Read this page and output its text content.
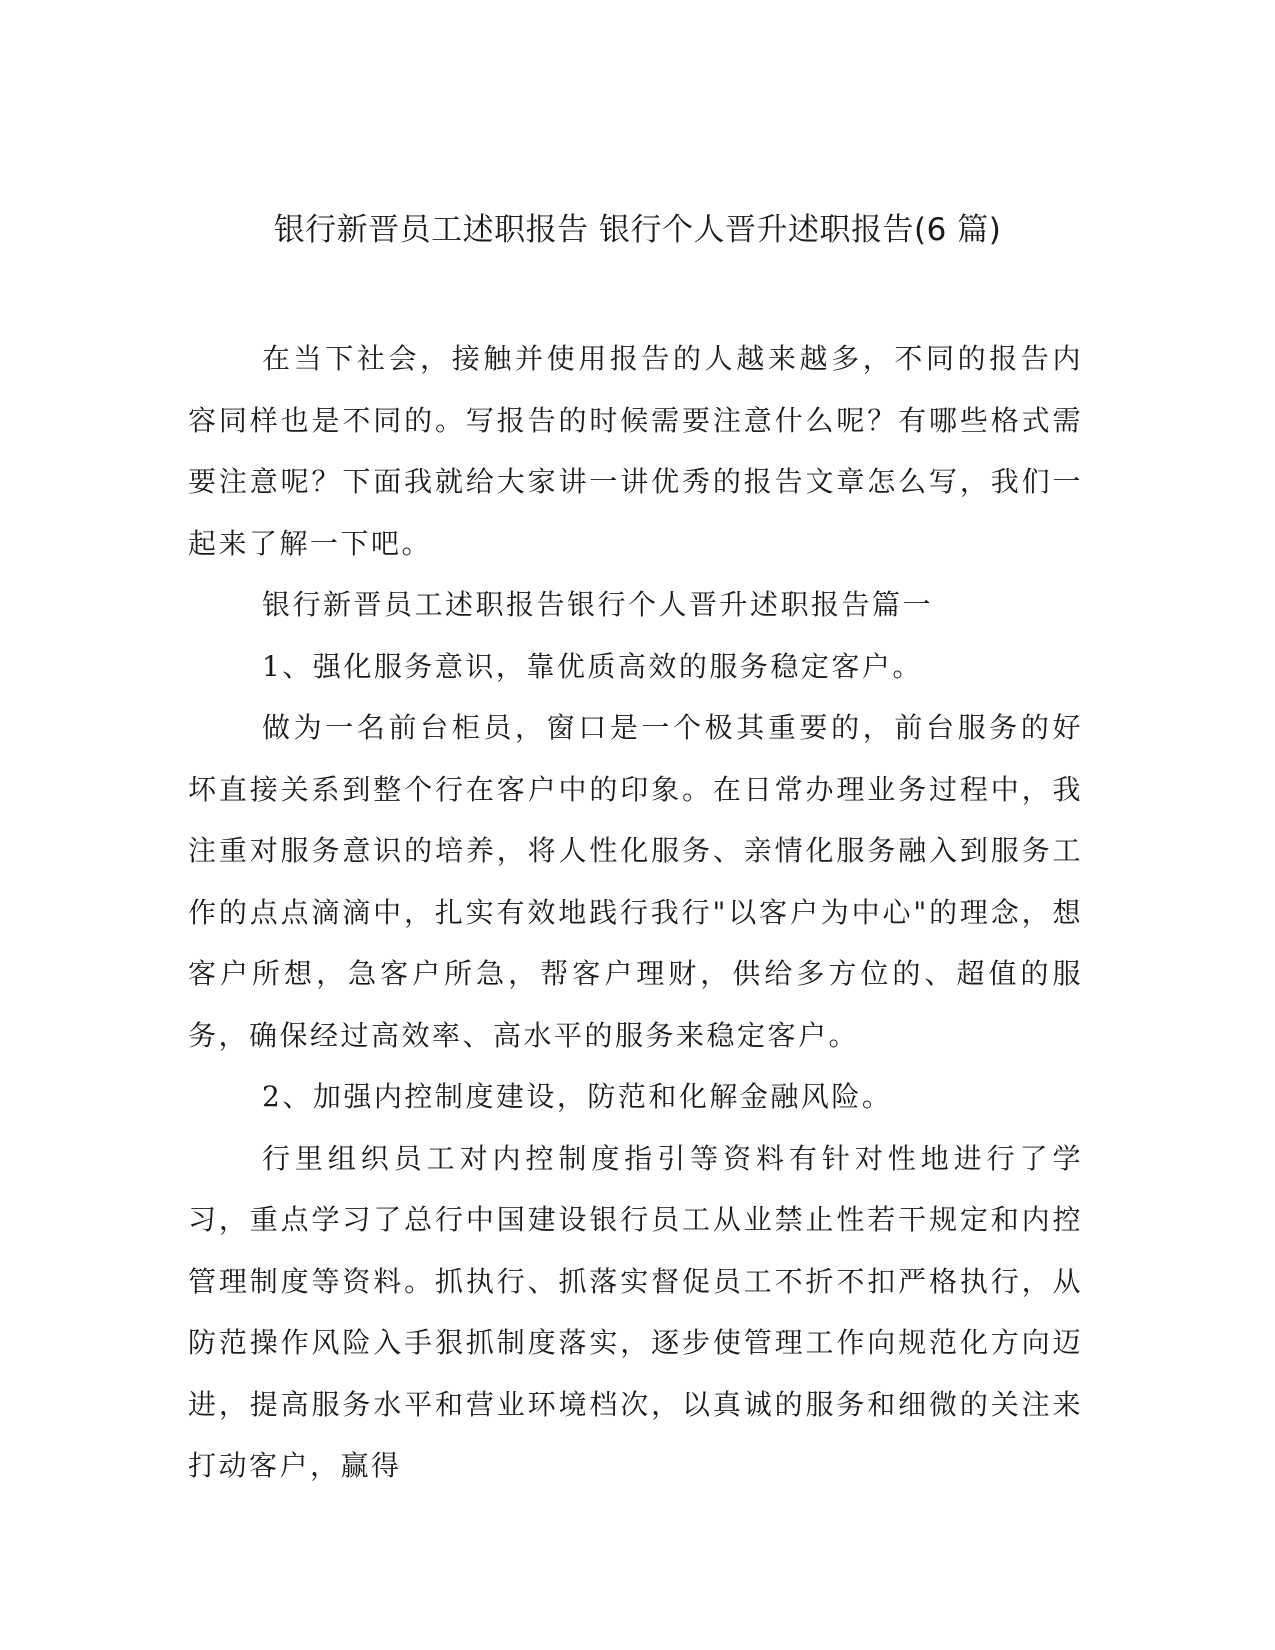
银行新晋员工述职报告 银行个人晋升述职报告(6 篇)

在当下社会，接触并使用报告的人越来越多，不同的报告内容同样也是不同的。写报告的时候需要注意什么呢？有哪些格式需要注意呢？下面我就给大家讲一讲优秀的报告文章怎么写，我们一起来了解一下吧。

银行新晋员工述职报告银行个人晋升述职报告篇一

1、强化服务意识，靠优质高效的服务稳定客户。

做为一名前台柜员，窗口是一个极其重要的，前台服务的好坏直接关系到整个行在客户中的印象。在日常办理业务过程中，我注重对服务意识的培养，将人性化服务、亲情化服务融入到服务工作的点点滴滴中，扎实有效地践行我行"以客户为中心"的理念，想客户所想，急客户所急，帮客户理财，供给多方位的、超值的服务，确保经过高效率、高水平的服务来稳定客户。

2、加强内控制度建设，防范和化解金融风险。

行里组织员工对内控制度指引等资料有针对性地进行了学习，重点学习了总行中国建设银行员工从业禁止性若干规定和内控管理制度等资料。抓执行、抓落实督促员工不折不扣严格执行，从防范操作风险入手狠抓制度落实，逐步使管理工作向规范化方向迈进，提高服务水平和营业环境档次，以真诚的服务和细微的关注来打动客户，赢得
